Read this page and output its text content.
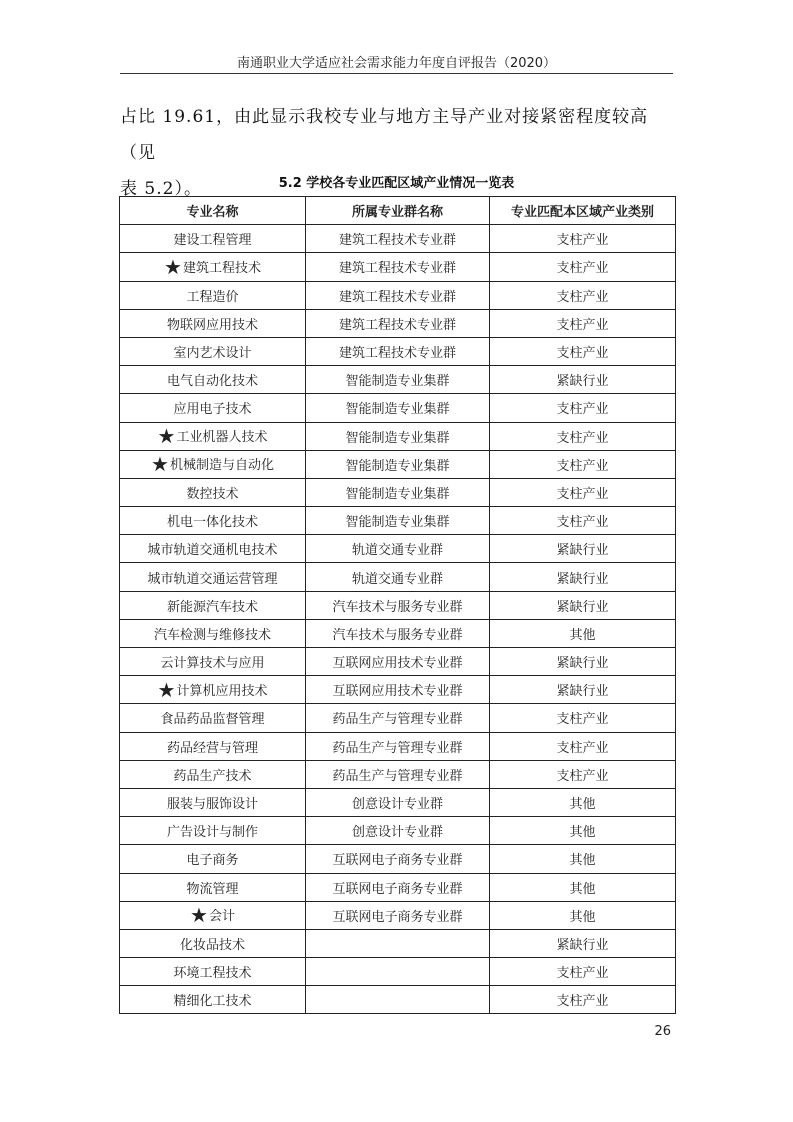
南通职业大学适应社会需求能力年度自评报告（2020）
占比 19.61，由此显示我校专业与地方主导产业对接紧密程度较高（见
表 5.2）。	5.2 学校各专业匹配区域产业情况一览表
专业名称	所属专业群名称	专业匹配本区域产业类别
建设工程管理	建筑工程技术专业群	支柱产业
★建筑工程技术	建筑工程技术专业群	支柱产业
工程造价	建筑工程技术专业群	支柱产业
物联网应用技术	建筑工程技术专业群	支柱产业
室内艺术设计	建筑工程技术专业群	支柱产业
电气自动化技术	智能制造专业集群	紧缺行业
应用电子技术	智能制造专业集群	支柱产业
★工业机器人技术	智能制造专业集群	支柱产业
★机械制造与自动化	智能制造专业集群	支柱产业
数控技术	智能制造专业集群	支柱产业
机电一体化技术	智能制造专业集群	支柱产业
城市轨道交通机电技术	轨道交通专业群	紧缺行业
城市轨道交通运营管理	轨道交通专业群	紧缺行业
新能源汽车技术	汽车技术与服务专业群	紧缺行业
汽车检测与维修技术	汽车技术与服务专业群	其他
云计算技术与应用	互联网应用技术专业群	紧缺行业
★计算机应用技术	互联网应用技术专业群	紧缺行业
食品药品监督管理	药品生产与管理专业群	支柱产业
药品经营与管理	药品生产与管理专业群	支柱产业
药品生产技术	药品生产与管理专业群	支柱产业
服装与服饰设计	创意设计专业群	其他
广告设计与制作	创意设计专业群	其他
电子商务	互联网电子商务专业群	其他
物流管理	互联网电子商务专业群	其他
★会计	互联网电子商务专业群	其他
化妆品技术		紧缺行业
环境工程技术		支柱产业
精细化工技术		支柱产业
26
